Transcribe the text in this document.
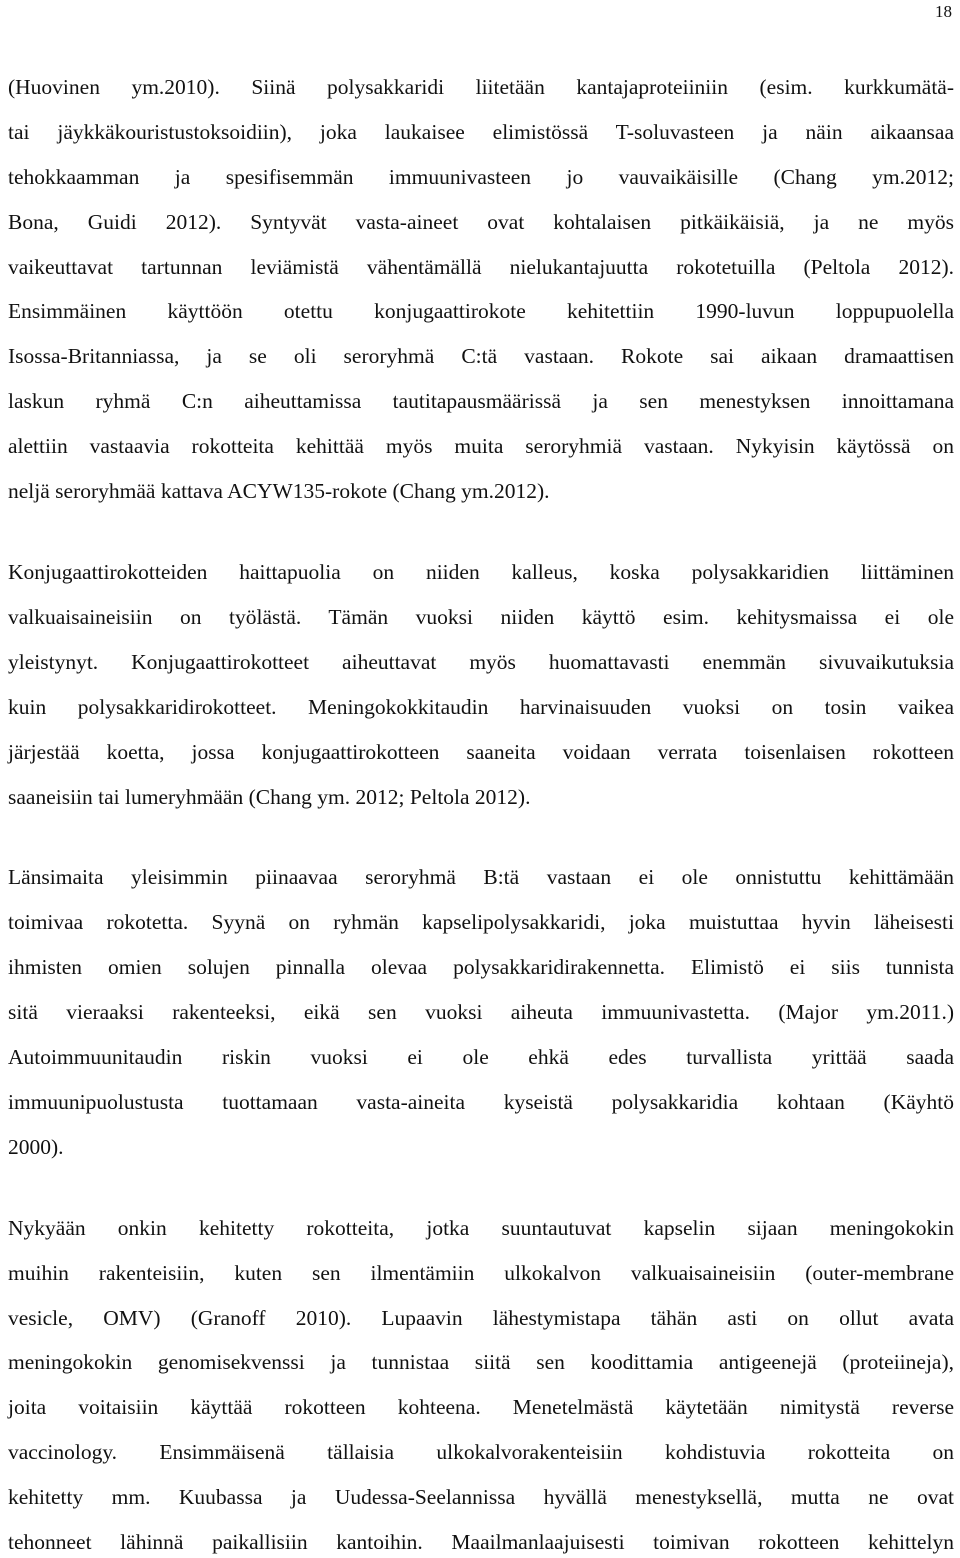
18
(Huovinen ym.2010). Siinä polysakkaridi liitetään kantajaproteiiniin (esim. kurkkumätä-
tai jäykkäkouristustoksoidiin), joka laukaisee elimistössä T-soluvasteen ja näin aikaansaa
tehokkaamman ja spesifisemmän immuunivasteen jo vauvaikäisille (Chang ym.2012;
Bona, Guidi 2012). Syntyvät vasta-aineet ovat kohtalaisen pitkäikäisiä, ja ne myös
vaikeuttavat tartunnan leviämistä vähentämällä nielukantajuutta rokotetuilla (Peltola 2012).
Ensimmäinen käyttöön otettu konjugaattirokote kehitettiin 1990-luvun loppupuolella
Isossa-Britanniassa, ja se oli seroryhmä C:tä vastaan. Rokote sai aikaan dramaattisen
laskun ryhmä C:n aiheuttamissa tautitapausmäärissä ja sen menestyksen innoittamana
alettiin vastaavia rokotteita kehittää myös muita seroryhmiä vastaan. Nykyisin käytössä on
neljä seroryhmää kattava ACYW135-rokote (Chang ym.2012).
Konjugaattirokotteiden haittapuolia on niiden kalleus, koska polysakkaridien liittäminen
valkuaisaineisiin on työlästä. Tämän vuoksi niiden käyttö esim. kehitysmaissa ei ole
yleistynyt. Konjugaattirokotteet aiheuttavat myös huomattavasti enemmän sivuvaikutuksia
kuin polysakkaridirokotteet. Meningokokkitaudin harvinaisuuden vuoksi on tosin vaikea
järjestää koetta, jossa konjugaattirokotteen saaneita voidaan verrata toisenlaisen rokotteen
saaneisiin tai lumeryhmään (Chang ym. 2012; Peltola 2012).
Länsimaita yleisimmin piinaavaa seroryhmä B:tä vastaan ei ole onnistuttu kehittämään
toimivaa rokotetta. Syynä on ryhmän kapselipolysakkaridi, joka muistuttaa hyvin läheisesti
ihmisten omien solujen pinnalla olevaa polysakkaridirakennetta. Elimistö ei siis tunnista
sitä vieraaksi rakenteeksi, eikä sen vuoksi aiheuta immuunivastetta. (Major ym.2011.)
Autoimmuunitaudin riskin vuoksi ei ole ehkä edes turvallista yrittää saada
immuunipuolustusta tuottamaan vasta-aineita kyseistä polysakkaridia kohtaan (Käyhtö
2000).
Nykyään onkin kehitetty rokotteita, jotka suuntautuvat kapselin sijaan meningokokin
muihin rakenteisiin, kuten sen ilmentämiin ulkokalvon valkuaisaineisiin (outer-membrane
vesicle, OMV) (Granoff 2010). Lupaavin lähestymistapa tähän asti on ollut avata
meningokokin genomisekvenssi ja tunnistaa siitä sen koodittamia antigeenejä (proteiineja),
joita voitaisiin käyttää rokotteen kohteena. Menetelmästä käytetään nimitystä reverse
vaccinology. Ensimmäisenä tällaisia ulkokalvorakenteisiin kohdistuvia rokotteita on
kehitetty mm. Kuubassa ja Uudessa-Seelannissa hyvällä menestyksellä, mutta ne ovat
tehonneet lähinnä paikallisiin kantoihin. Maailmanlaajuisesti toimivan rokotteen kehittelyn
